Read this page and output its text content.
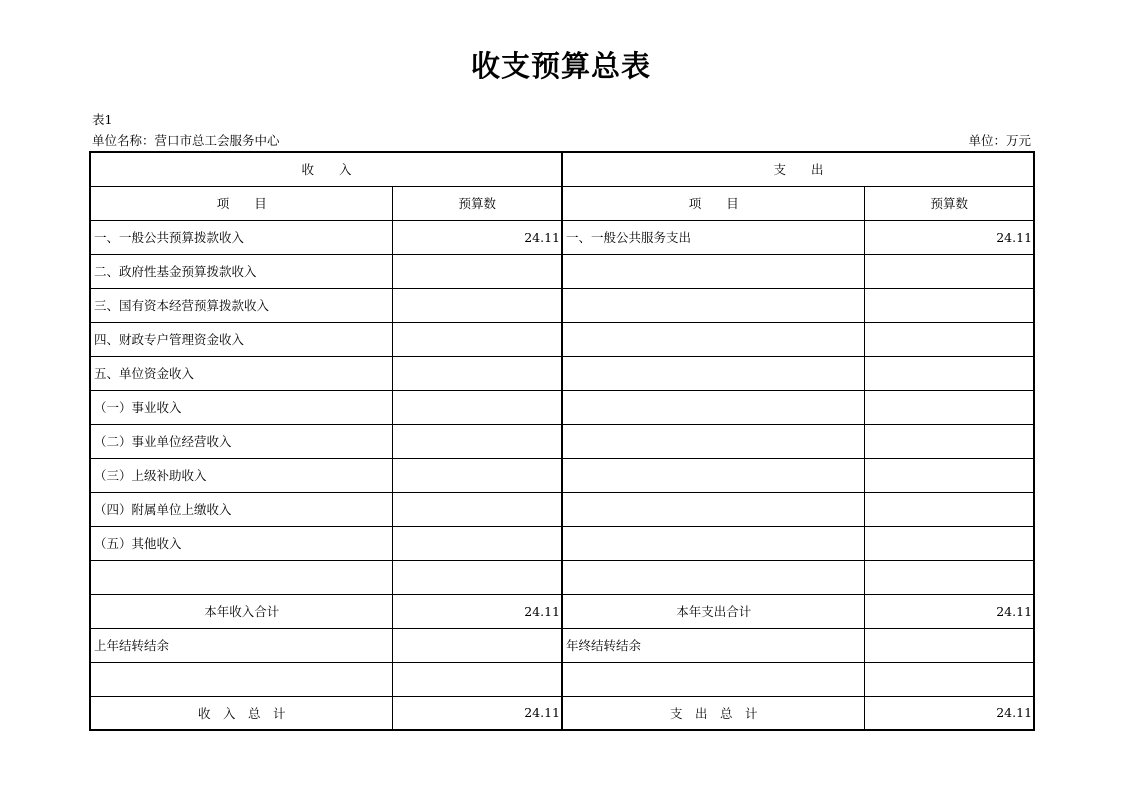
收支预算总表
表1
单位名称：营口市总工会服务中心	单位：万元
收　　入		支　　出	
项　　目	预算数	项　　目	预算数
一、一般公共预算拨款收入	24.11	一、一般公共服务支出	24.11
二、政府性基金预算拨款收入			
三、国有资本经营预算拨款收入			
四、财政专户管理资金收入			
五、单位资金收入			
（一）事业收入			
（二）事业单位经营收入			
（三）上级补助收入			
（四）附属单位上缴收入			
（五）其他收入			

本年收入合计	24.11	本年支出合计	24.11
上年结转结余		年终结转结余	

收　入　总　计	24.11	支　出　总　计	24.11
